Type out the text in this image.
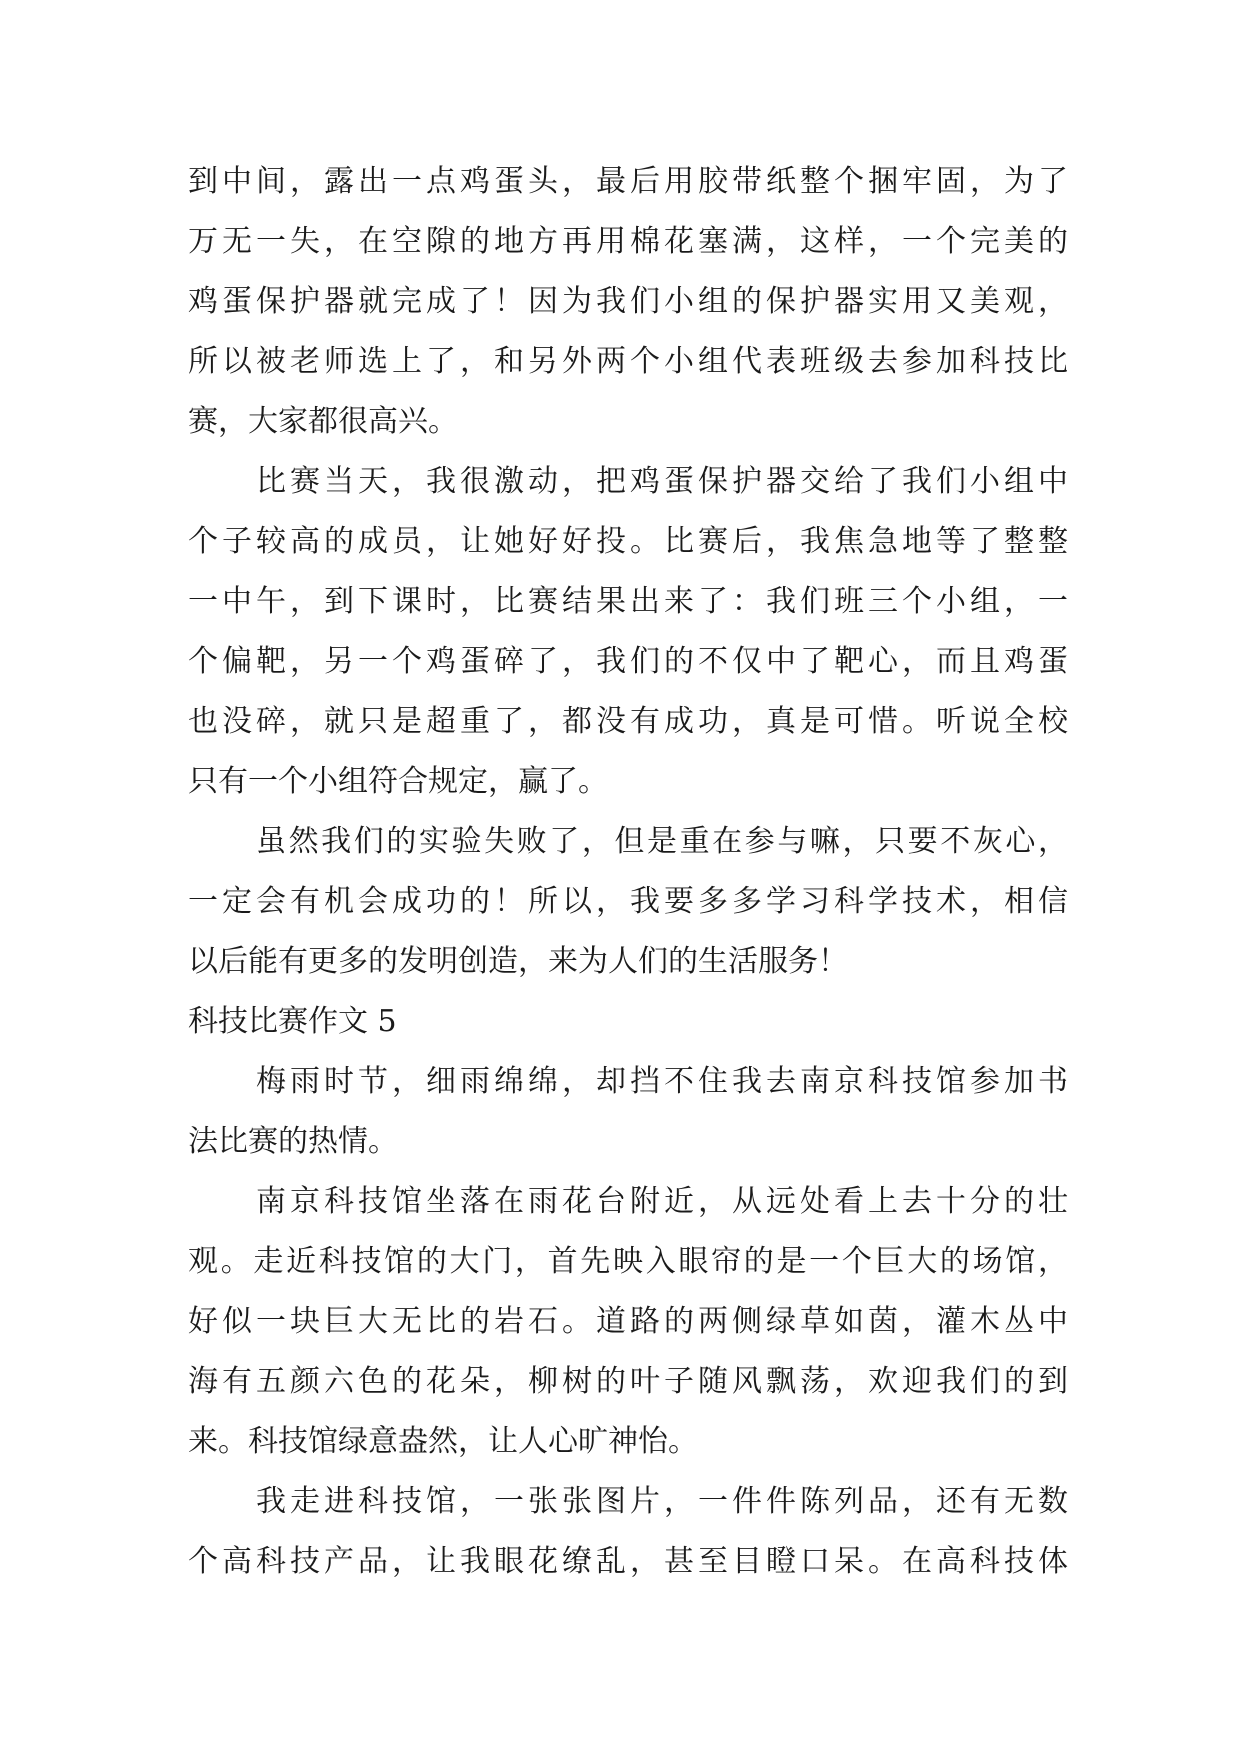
到中间，露出一点鸡蛋头，最后用胶带纸整个捆牢固，为了
万无一失，在空隙的地方再用棉花塞满，这样，一个完美的
鸡蛋保护器就完成了！因为我们小组的保护器实用又美观，
所以被老师选上了，和另外两个小组代表班级去参加科技比
赛，大家都很高兴。
比赛当天，我很激动，把鸡蛋保护器交给了我们小组中
个子较高的成员，让她好好投。比赛后，我焦急地等了整整
一中午，到下课时，比赛结果出来了：我们班三个小组，一
个偏靶，另一个鸡蛋碎了，我们的不仅中了靶心，而且鸡蛋
也没碎，就只是超重了，都没有成功，真是可惜。听说全校
只有一个小组符合规定，赢了。
虽然我们的实验失败了，但是重在参与嘛，只要不灰心，
一定会有机会成功的！所以，我要多多学习科学技术，相信
以后能有更多的发明创造，来为人们的生活服务！
科技比赛作文 5
梅雨时节，细雨绵绵，却挡不住我去南京科技馆参加书
法比赛的热情。
南京科技馆坐落在雨花台附近，从远处看上去十分的壮
观。走近科技馆的大门，首先映入眼帘的是一个巨大的场馆，
好似一块巨大无比的岩石。道路的两侧绿草如茵，灌木丛中
海有五颜六色的花朵，柳树的叶子随风飘荡，欢迎我们的到
来。科技馆绿意盎然，让人心旷神怡。
我走进科技馆，一张张图片，一件件陈列品，还有无数
个高科技产品，让我眼花缭乱，甚至目瞪口呆。在高科技体
